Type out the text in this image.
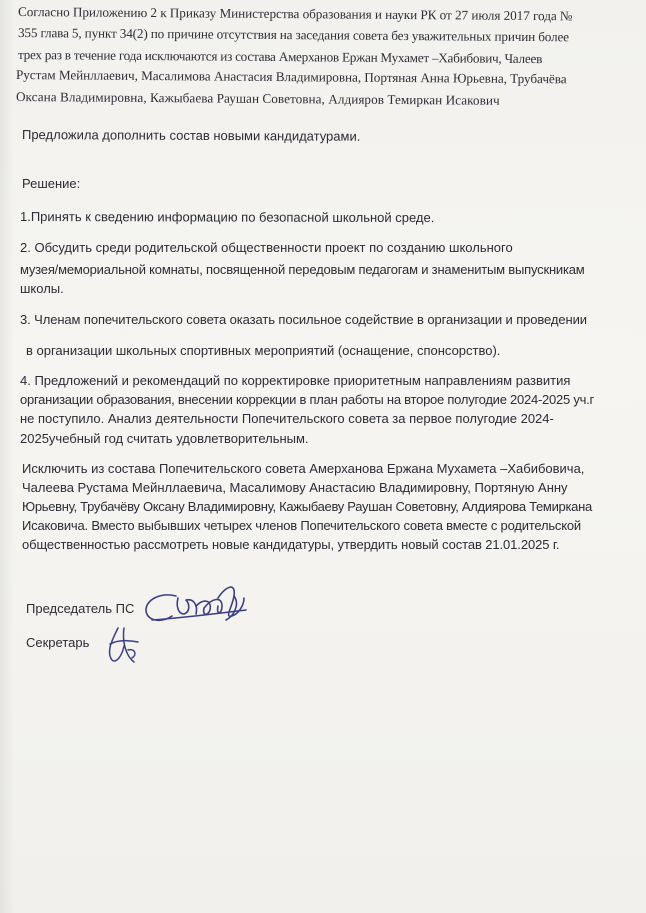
Согласно Приложению 2 к Приказу Министерства образования и науки РК от 27 июля 2017 года №
355 глава 5, пункт 34(2) по причине отсутствия на заседания совета без уважительных причин более
трех раз в течение года исключаются из состава Амерханов Ержан Мухамет –Хабибович, Чалеев
Рустам Мейнллаевич, Масалимова Анастасия Владимировна, Портяная Анна Юрьевна, Трубачёва
Оксана Владимировна, Кажыбаева Раушан Советовна, Алдияров Темиркан Исакович
Предложила дополнить состав новыми кандидатурами.
Решение:
1.Принять к сведению информацию по безопасной школьной среде.
2. Обсудить среди родительской общественности проект по созданию школьного
музея/мемориальной комнаты, посвященной передовым педагогам и знаменитым выпускникам
школы.
3. Членам попечительского совета оказать посильное содействие в организации и проведении
в организации школьных спортивных мероприятий (оснащение, спонсорство).
4. Предложений и рекомендаций по корректировке приоритетным направлениям развития
организации образования, внесении коррекции в план работы на второе полугодие 2024-2025 уч.г
не поступило. Анализ деятельности Попечительского совета за первое полугодие 2024-
2025учебный год считать удовлетворительным.
Исключить из состава Попечительского совета Амерханова Ержана Мухамета –Хабибовича,
Чалеева Рустама Мейнллаевича, Масалимову Анастасию Владимировну, Портяную Анну
Юрьевну, Трубачёву Оксану Владимировну, Кажыбаеву Раушан Советовну, Алдиярова Темиркана
Исаковича. Вместо выбывших четырех членов Попечительского совета вместе с родительской
общественностью рассмотреть новые кандидатуры, утвердить новый состав 21.01.2025 г.
Председатель ПС
Секретарь
